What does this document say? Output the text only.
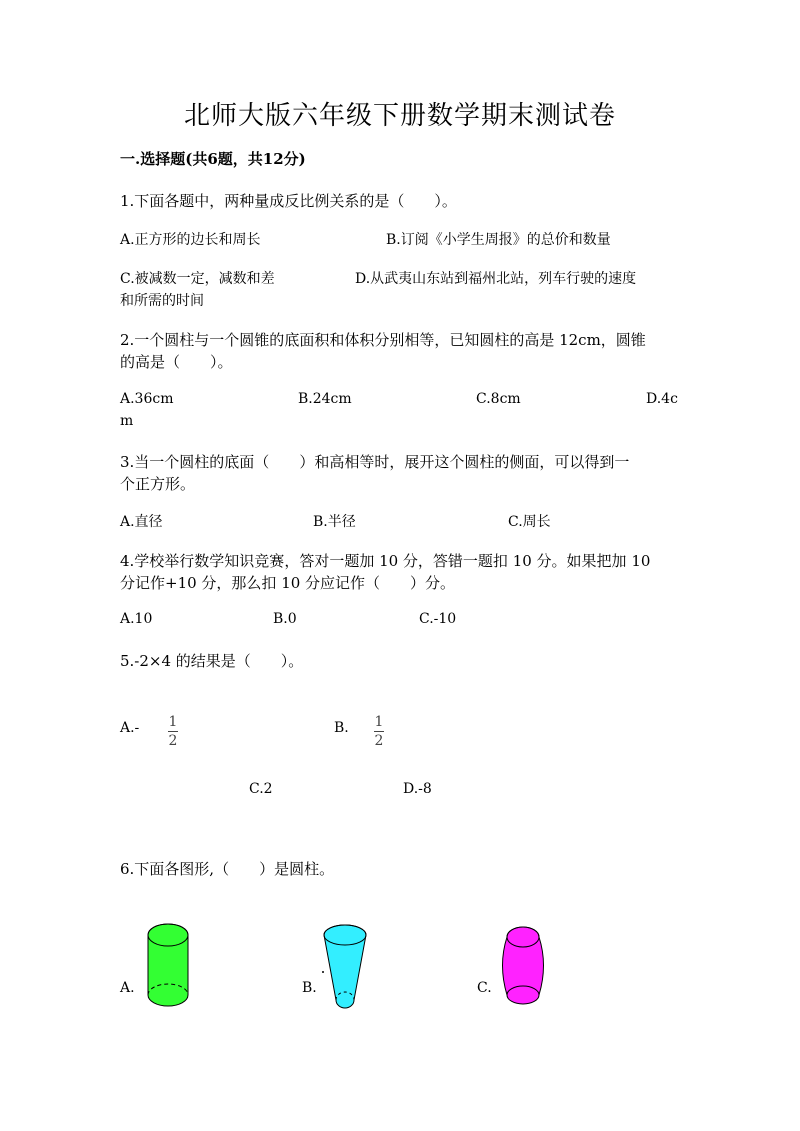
北师大版六年级下册数学期末测试卷
一.选择题(共6题，共12分)
1.下面各题中，两种量成反比例关系的是（　　）。
A.正方形的边长和周长	B.订阅《小学生周报》的总价和数量
C.被减数一定，减数和差	D.从武夷山东站到福州北站，列车行驶的速度
和所需的时间
2.一个圆柱与一个圆锥的底面积和体积分别相等，已知圆柱的高是 12cm，圆锥
的高是（　　）。
A.36cm	B.24cm	C.8cm	D.4c
m
3.当一个圆柱的底面（　　）和高相等时，展开这个圆柱的侧面，可以得到一
个正方形。
A.直径	B.半径	C.周长
4.学校举行数学知识竞赛，答对一题加 10 分，答错一题扣 10 分。如果把加 10
分记作+10 分，那么扣 10 分应记作（　　）分。
A.10	B.0	C.-10
5.-2×4 的结果是（　　）。
A.- 1
2
B. 1
2
C.2	D.-8
6.下面各图形,（　　）是圆柱。
A.	B.	C.
